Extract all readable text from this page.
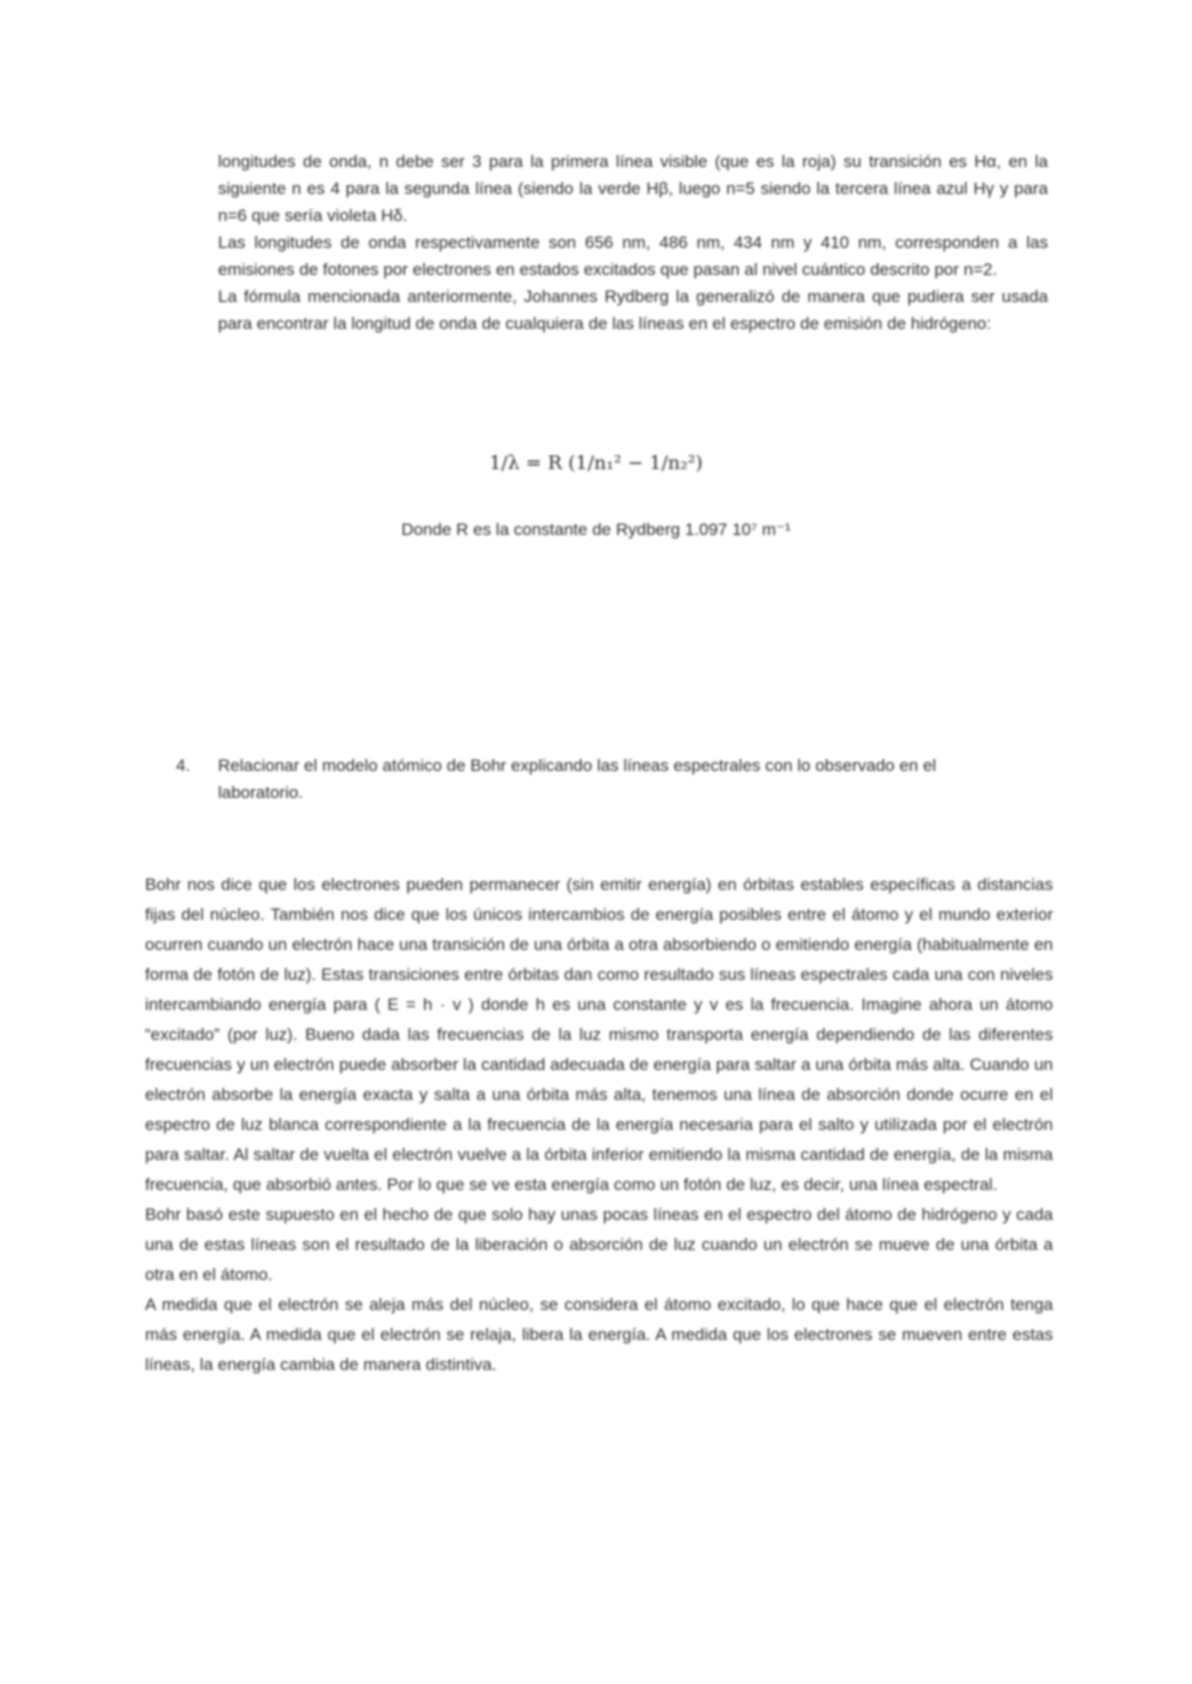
longitudes de onda, n debe ser 3 para la primera línea visible (que es la roja) su transición es Hα, en la siguiente n es 4 para la segunda línea (siendo la verde Hβ, luego n=5 siendo la tercera línea azul Hγ y para n=6 que sería violeta Hδ.

Las longitudes de onda respectivamente son 656 nm, 486 nm, 434 nm y 410 nm, corresponden a las emisiones de fotones por electrones en estados excitados que pasan al nivel cuántico descrito por n=2.

La fórmula mencionada anteriormente, Johannes Rydberg la generalizó de manera que pudiera ser usada para encontrar la longitud de onda de cualquiera de las líneas en el espectro de emisión de hidrógeno:

1/λ = R (1/n₁² − 1/n₂²)
Donde R es la constante de Rydberg 1.097 10⁷ m⁻¹
4. Relacionar el modelo atómico de Bohr explicando las líneas espectrales con lo observado en el laboratorio.

Bohr nos dice que los electrones pueden permanecer (sin emitir energía) en órbitas estables específicas a distancias fijas del núcleo. También nos dice que los únicos intercambios de energía posibles entre el átomo y el mundo exterior ocurren cuando un electrón hace una transición de una órbita a otra absorbiendo o emitiendo energía (habitualmente en forma de fotón de luz). Estas transiciones entre órbitas dan como resultado sus líneas espectrales cada una con niveles intercambiando energía para ( E = h · v ) donde h es una constante y v es la frecuencia. Imagine ahora un átomo “excitado” (por luz). Bueno dada las frecuencias de la luz mismo transporta energía dependiendo de las diferentes frecuencias y un electrón puede absorber la cantidad adecuada de energía para saltar a una órbita más alta. Cuando un electrón absorbe la energía exacta y salta a una órbita más alta, tenemos una línea de absorción donde ocurre en el espectro de luz blanca correspondiente a la frecuencia de la energía necesaria para el salto y utilizada por el electrón para saltar. Al saltar de vuelta el electrón vuelve a la órbita inferior emitiendo la misma cantidad de energía, de la misma frecuencia, que absorbió antes. Por lo que se ve esta energía como un fotón de luz, es decir, una línea espectral.

Bohr basó este supuesto en el hecho de que solo hay unas pocas líneas en el espectro del átomo de hidrógeno y cada una de estas líneas son el resultado de la liberación o absorción de luz cuando un electrón se mueve de una órbita a otra en el átomo.

A medida que el electrón se aleja más del núcleo, se considera el átomo excitado, lo que hace que el electrón tenga más energía. A medida que el electrón se relaja, libera la energía. A medida que los electrones se mueven entre estas líneas, la energía cambia de manera distintiva.
